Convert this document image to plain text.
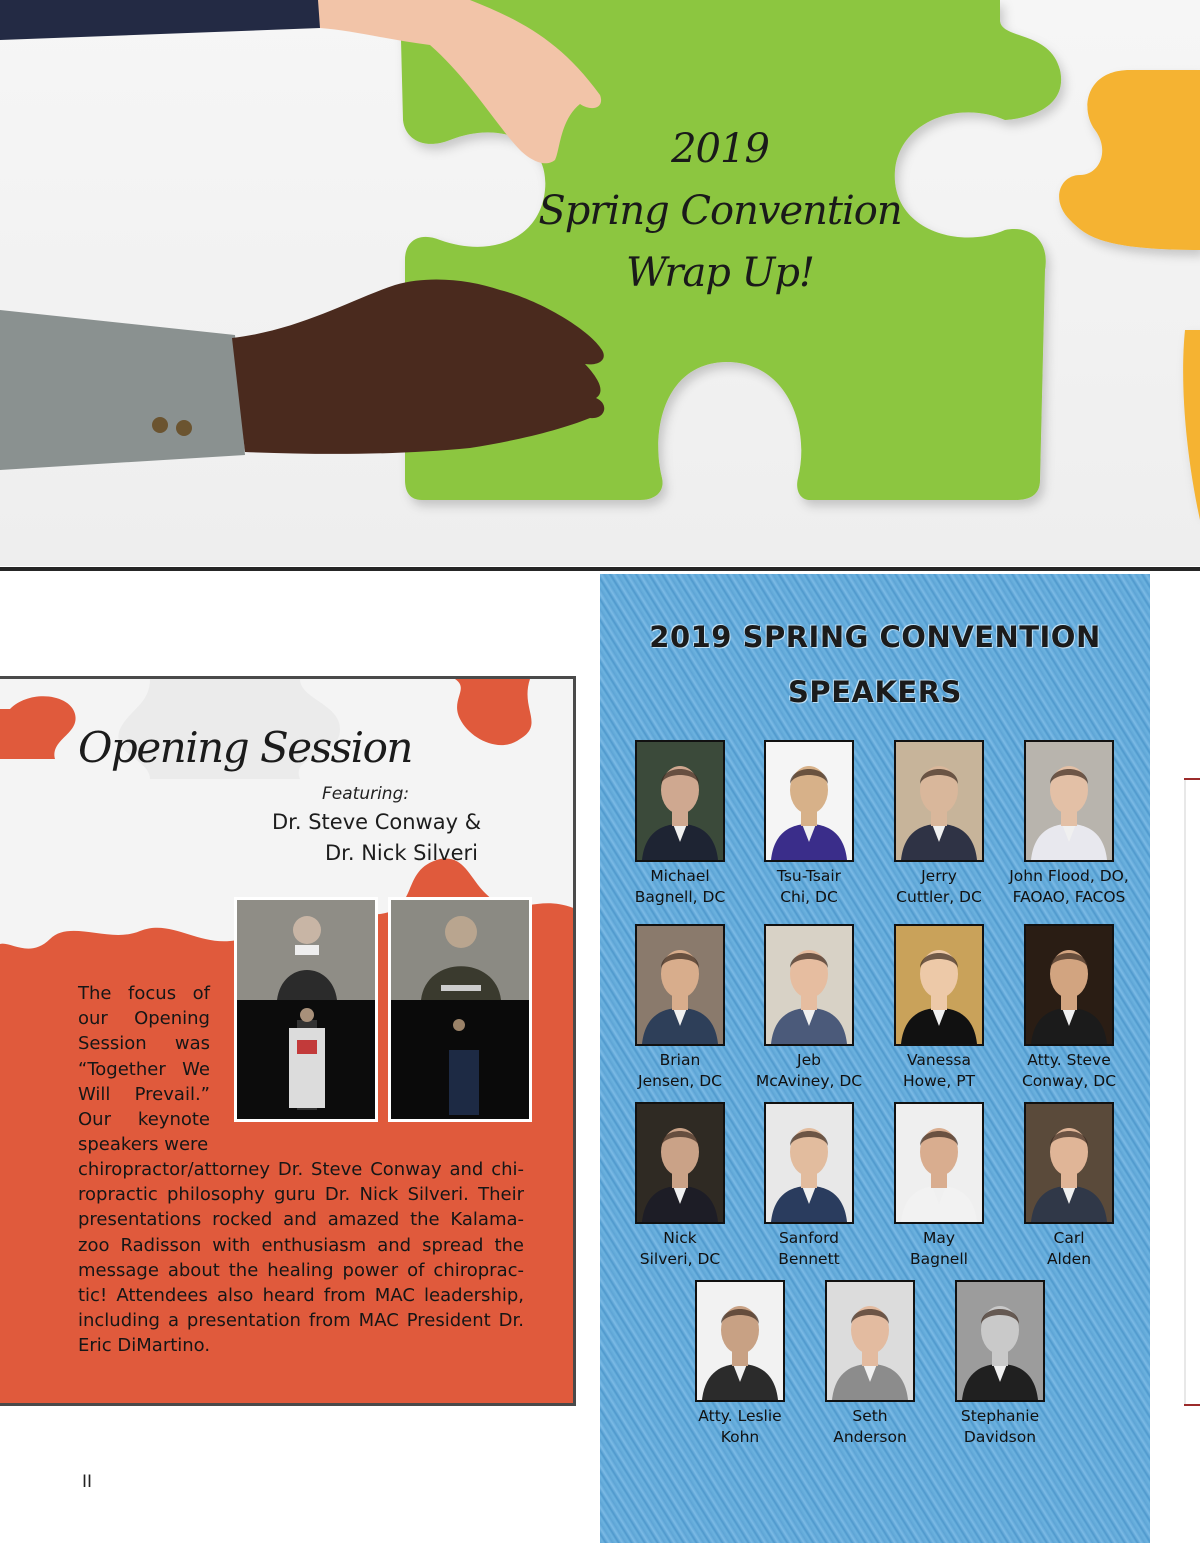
2019
Spring Convention
Wrap Up!
Opening Session
Featuring:
Dr. Steve Conway &
Dr. Nick Silveri
The focus of our Opening Session was “Together We Will Prevail.” Our keynote speakers were
chiropractor/attorney Dr. Steve Conway and chi-ropractic philosophy guru Dr. Nick Silveri. Their presentations rocked and amazed the Kalama-zoo Radisson with enthusiasm and spread the message about the healing power of chiroprac-tic! Attendees also heard from MAC leadership, including a presentation from MAC President Dr. Eric DiMartino.
II
2019 SPRING CONVENTION
SPEAKERS
Michael
Bagnell, DC
Tsu-Tsair
Chi, DC
Jerry
Cuttler, DC
John Flood, DO,
FAOAO, FACOS
Brian
Jensen, DC
Jeb
McAviney, DC
Vanessa
Howe, PT
Atty. Steve
Conway, DC
Nick
Silveri, DC
Sanford
Bennett
May
Bagnell
Carl
Alden
Atty. Leslie
Kohn
Seth
Anderson
Stephanie
Davidson
